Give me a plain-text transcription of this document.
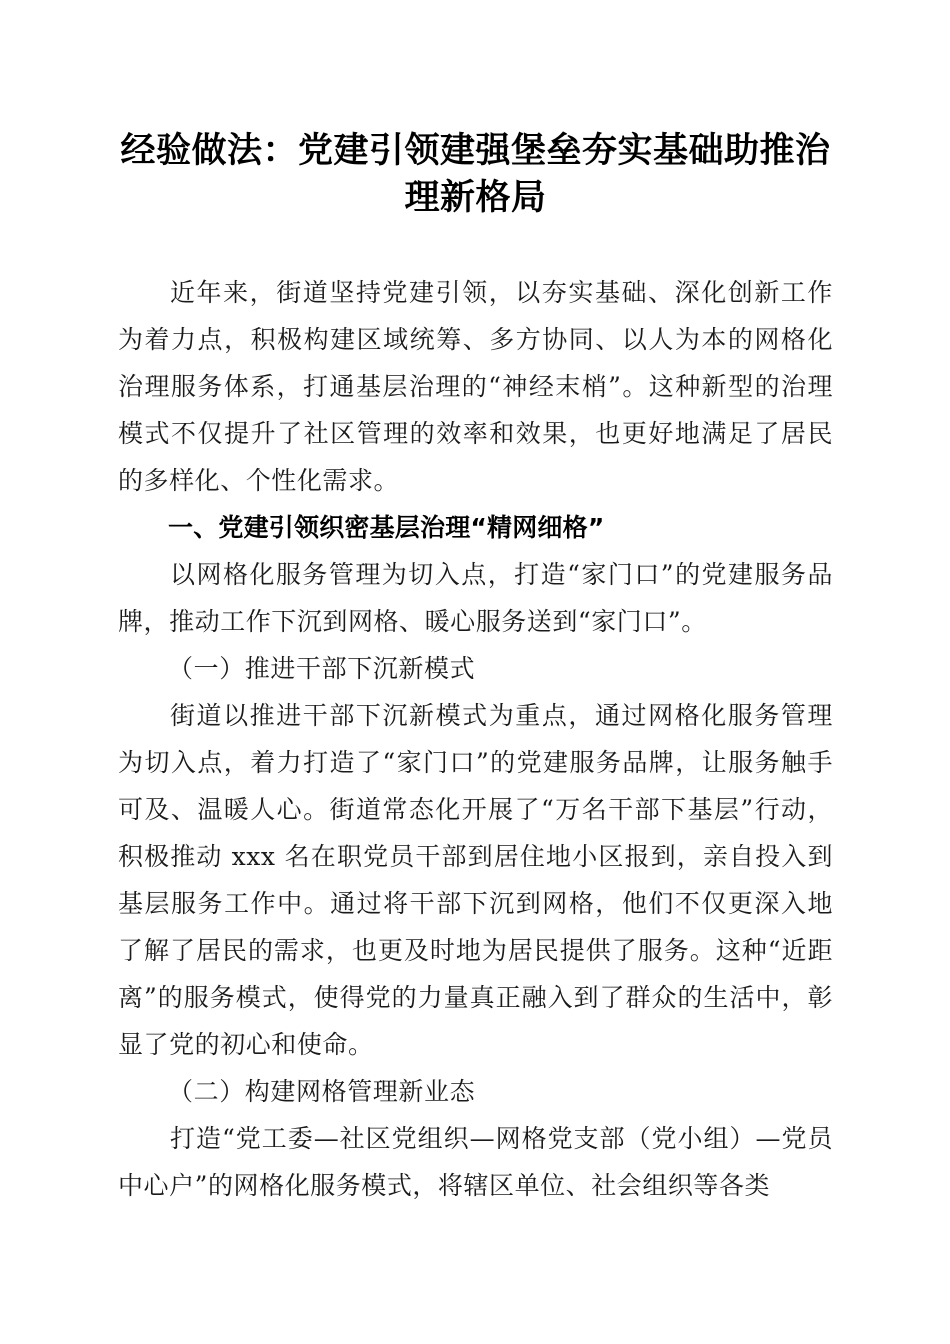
经验做法：党建引领建强堡垒夯实基础助推治
理新格局

近年来，街道坚持党建引领，以夯实基础、深化创新工作为着力点，积极构建区域统筹、多方协同、以人为本的网格化治理服务体系，打通基层治理的“神经末梢”。这种新型的治理模式不仅提升了社区管理的效率和效果，也更好地满足了居民的多样化、个性化需求。

一、党建引领织密基层治理“精网细格”

以网格化服务管理为切入点，打造“家门口”的党建服务品牌，推动工作下沉到网格、暖心服务送到“家门口”。

（一）推进干部下沉新模式

街道以推进干部下沉新模式为重点，通过网格化服务管理为切入点，着力打造了“家门口”的党建服务品牌，让服务触手可及、温暖人心。街道常态化开展了“万名干部下基层”行动，积极推动 xxx 名在职党员干部到居住地小区报到，亲自投入到基层服务工作中。通过将干部下沉到网格，他们不仅更深入地了解了居民的需求，也更及时地为居民提供了服务。这种“近距离”的服务模式，使得党的力量真正融入到了群众的生活中，彰显了党的初心和使命。

（二）构建网格管理新业态

打造“党工委—社区党组织—网格党支部（党小组）—党员中心户”的网格化服务模式，将辖区单位、社会组织等各类
